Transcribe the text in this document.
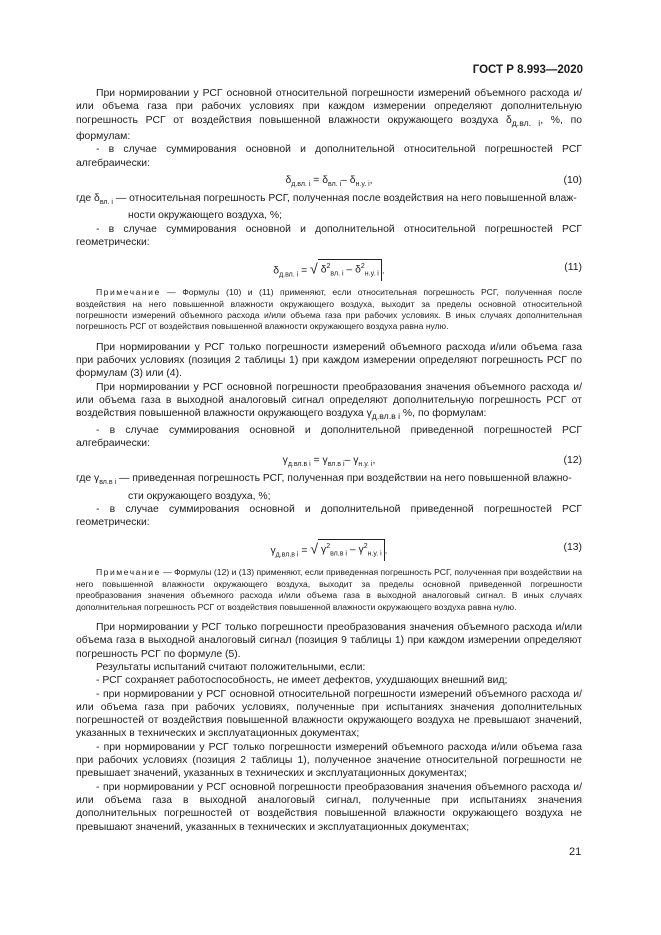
ГОСТ Р 8.993—2020

При нормировании у РСГ основной относительной погрешности измерений объемного расхода и/или объема газа при рабочих условиях при каждом измерении определяют дополнительную погрешность РСГ от воздействия повышенной влажности окружающего воздуха $\delta_{д.вл. i}$, %, по формулам:

- в случае суммирования основной и дополнительной относительной погрешностей РСГ алгебраически:

$\delta_{д.вл. i} = \delta_{вл. i}-$ $\delta_{н.у. i}$,	(10)

где $\delta_{вл. i}$ — относительная погрешность РСГ, полученная после воздействия на него повышенной влаж-
ности окружающего воздуха, %;

- в случае суммирования основной и дополнительной относительной погрешностей РСГ геометрически:

$\delta_{д.вл. i}$ = √ $\delta^2_{вл. i} - \delta^2_{н.у. i}$ .	(11)

Примечание — Формулы (10) и (11) применяют, если относительная погрешность РСГ, полученная после воздействия на него повышенной влажности окружающего воздуха, выходит за пределы основной относительной погрешности измерений объемного расхода и/или объема газа при рабочих условиях. В иных случаях дополнительная погрешность РСГ от воздействия повышенной влажности окружающего воздуха равна нулю.

При нормировании у РСГ только погрешности измерений объемного расхода и/или объема газа при рабочих условиях (позиция 2 таблицы 1) при каждом измерении определяют погрешность РСГ по формулам (3) или (4).

При нормировании у РСГ основной погрешности преобразования значения объемного расхода и/или объема газа в выходной аналоговый сигнал определяют дополнительную погрешность РСГ от воздействия повышенной влажности окружающего воздуха $\gamma_{д.вл.в i}$ %, по формулам:

- в случае суммирования основной и дополнительной приведенной погрешностей РСГ алгебраически:

$\gamma_{д.вл.в i} = \gamma_{вл.в i}-$ $\gamma_{н.у. i}$,	(12)

где $\gamma_{вл.в i}$ — приведенная погрешность РСГ, полученная при воздействии на него повышенной влажно-
сти окружающего воздуха, %;

- в случае суммирования основной и дополнительной приведенной погрешностей РСГ геометрически:

$\gamma_{д.вл.в i}$ = √ $\gamma^2_{вл.в i} - \gamma^2_{н.у. i}$ .	(13)

Примечание — Формулы (12) и (13) применяют, если приведенная погрешность РСГ, полученная при воздействии на него повышенной влажности окружающего воздуха, выходит за пределы основной приведенной погрешности преобразования значения объемного расхода и/или объема газа в выходной аналоговый сигнал. В иных случаях дополнительная погрешность РСГ от воздействия повышенной влажности окружающего воздуха равна нулю.

При нормировании у РСГ только погрешности преобразования значения объемного расхода и/или объема газа в выходной аналоговый сигнал (позиция 9 таблицы 1) при каждом измерении определяют погрешность РСГ по формуле (5).

Результаты испытаний считают положительными, если:

- РСГ сохраняет работоспособность, не имеет дефектов, ухудшающих внешний вид;

- при нормировании у РСГ основной относительной погрешности измерений объемного расхода и/или объема газа при рабочих условиях, полученные при испытаниях значения дополнительных погрешностей от воздействия повышенной влажности окружающего воздуха не превышают значений, указанных в технических и эксплуатационных документах;

- при нормировании у РСГ только погрешности измерений объемного расхода и/или объема газа при рабочих условиях (позиция 2 таблицы 1), полученное значение относительной погрешности не превышает значений, указанных в технических и эксплуатационных документах;

- при нормировании у РСГ основной погрешности преобразования значения объемного расхода и/или объема газа в выходной аналоговый сигнал, полученные при испытаниях значения дополнительных погрешностей от воздействия повышенной влажности окружающего воздуха не превышают значений, указанных в технических и эксплуатационных документах;

21
